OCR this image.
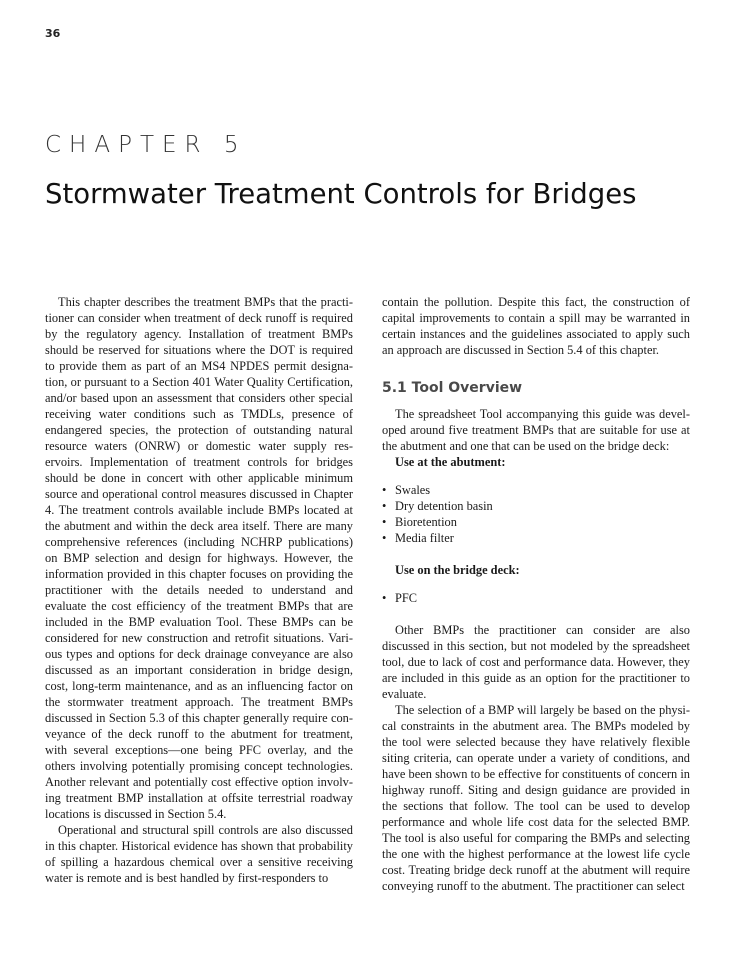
36
CHAPTER 5
Stormwater Treatment Controls for Bridges

This chapter describes the treatment BMPs that the practitioner can consider when treatment of deck runoff is required by the regulatory agency. Installation of treatment BMPs should be reserved for situations where the DOT is required to provide them as part of an MS4 NPDES permit designation, or pursuant to a Section 401 Water Quality Certification, and/or based upon an assessment that considers other special receiving water conditions such as TMDLs, presence of endangered species, the protection of outstanding natural resource waters (ONRW) or domestic water supply reservoirs. Implementation of treatment controls for bridges should be done in concert with other applicable minimum source and operational control measures discussed in Chapter 4. The treatment controls available include BMPs located at the abutment and within the deck area itself. There are many comprehensive references (including NCHRP publications) on BMP selection and design for highways. However, the information provided in this chapter focuses on providing the practitioner with the details needed to understand and evaluate the cost efficiency of the treatment BMPs that are included in the BMP evaluation Tool. These BMPs can be considered for new construction and retrofit situations. Various types and options for deck drainage conveyance are also discussed as an important consideration in bridge design, cost, long-term maintenance, and as an influencing factor on the stormwater treatment approach. The treatment BMPs discussed in Section 5.3 of this chapter generally require conveyance of the deck runoff to the abutment for treatment, with several exceptions—one being PFC overlay, and the others involving potentially promising concept technologies. Another relevant and potentially cost effective option involving treatment BMP installation at offsite terrestrial roadway locations is discussed in Section 5.4.

Operational and structural spill controls are also discussed in this chapter. Historical evidence has shown that probability of spilling a hazardous chemical over a sensitive receiving water is remote and is best handled by first-responders to

contain the pollution. Despite this fact, the construction of capital improvements to contain a spill may be warranted in certain instances and the guidelines associated to apply such an approach are discussed in Section 5.4 of this chapter.

5.1 Tool Overview

The spreadsheet Tool accompanying this guide was developed around five treatment BMPs that are suitable for use at the abutment and one that can be used on the bridge deck:

Use at the abutment:
• Swales
• Dry detention basin
• Bioretention
• Media filter
Use on the bridge deck:
• PFC

Other BMPs the practitioner can consider are also discussed in this section, but not modeled by the spreadsheet tool, due to lack of cost and performance data. However, they are included in this guide as an option for the practitioner to evaluate.

The selection of a BMP will largely be based on the physical constraints in the abutment area. The BMPs modeled by the tool were selected because they have relatively flexible siting criteria, can operate under a variety of conditions, and have been shown to be effective for constituents of concern in highway runoff. Siting and design guidance are provided in the sections that follow. The tool can be used to develop performance and whole life cost data for the selected BMP. The tool is also useful for comparing the BMPs and selecting the one with the highest performance at the lowest life cycle cost. Treating bridge deck runoff at the abutment will require conveying runoff to the abutment. The practitioner can select
